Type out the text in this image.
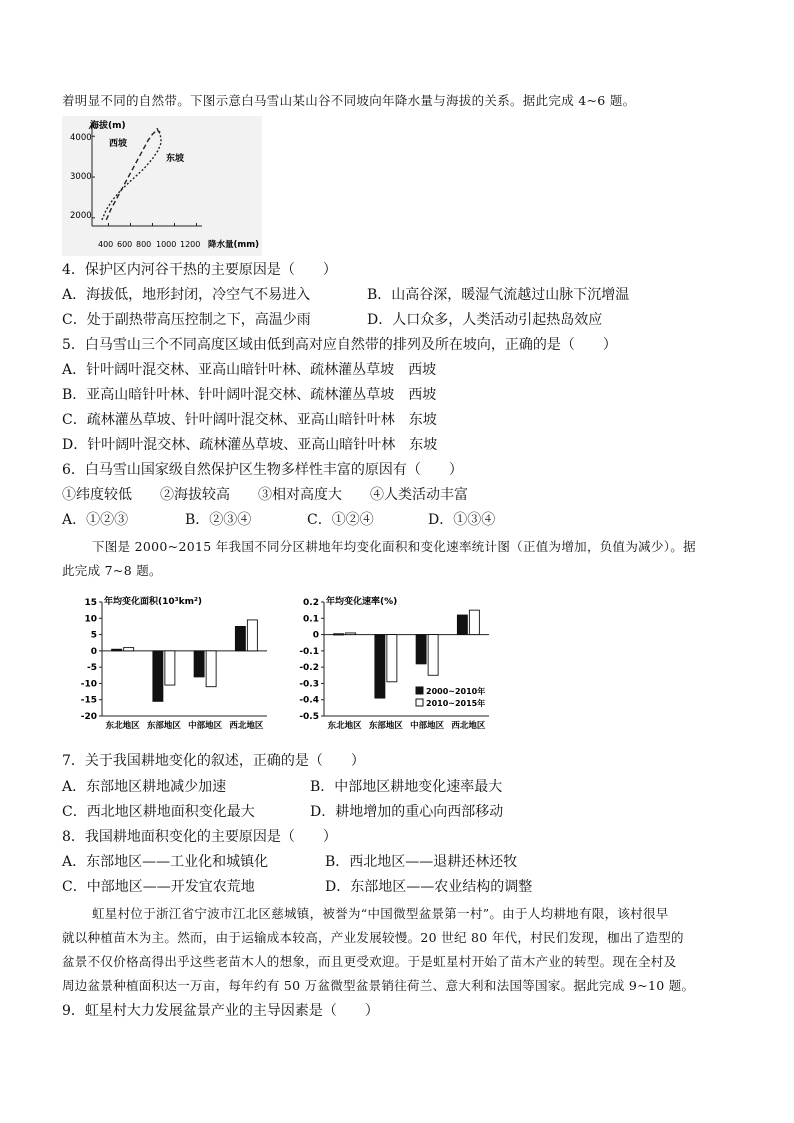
着明显不同的自然带。下图示意白马雪山某山谷不同坡向年降水量与海拔的关系。据此完成 4~6 题。
海拔(m)
降水量(mm)
4000
3000
2000
400 600 800 1000 1200
西坡
东坡
4．保护区内河谷干热的主要原因是（　　）
A．海拔低，地形封闭，冷空气不易进入	B．山高谷深，暖湿气流越过山脉下沉增温
C．处于副热带高压控制之下，高温少雨	D．人口众多，人类活动引起热岛效应
5．白马雪山三个不同高度区域由低到高对应自然带的排列及所在坡向，正确的是（　　）
A．针叶阔叶混交林、亚高山暗针叶林、疏林灌丛草坡　西坡
B．亚高山暗针叶林、针叶阔叶混交林、疏林灌丛草坡　西坡
C．疏林灌丛草坡、针叶阔叶混交林、亚高山暗针叶林　东坡
D．针叶阔叶混交林、疏林灌丛草坡、亚高山暗针叶林　东坡
6．白马雪山国家级自然保护区生物多样性丰富的原因有（　　）
①纬度较低　　②海拔较高　　③相对高度大　　④人类活动丰富
A．①②③	B．②③④	C．①②④	D．①③④
下图是 2000~2015 年我国不同分区耕地年均变化面积和变化速率统计图（正值为增加，负值为减少）。据
此完成 7~8 题。
年均变化面积(10³km²)
15
10
5
0
-5
-10
-15
-20
东北地区 东部地区 中部地区 西北地区
年均变化速率(%)
0.2
0.1
0
-0.1
-0.2
-0.3
-0.4
-0.5
东北地区 东部地区 中部地区 西北地区
2000~2010年
2010~2015年
7．关于我国耕地变化的叙述，正确的是（　　）
A．东部地区耕地减少加速	B．中部地区耕地变化速率最大
C．西北地区耕地面积变化最大	D．耕地增加的重心向西部移动
8．我国耕地面积变化的主要原因是（　　）
A．东部地区——工业化和城镇化	B．西北地区——退耕还林还牧
C．中部地区——开发宜农荒地	D．东部地区——农业结构的调整
虹星村位于浙江省宁波市江北区慈城镇，被誉为“中国微型盆景第一村”。由于人均耕地有限，该村很早
就以种植苗木为主。然而，由于运输成本较高，产业发展较慢。20 世纪 80 年代，村民们发现，枷出了造型的
盆景不仅价格高得出乎这些老苗木人的想象，而且更受欢迎。于是虹星村开始了苗木产业的转型。现在全村及
周边盆景种植面积达一万亩，每年约有 50 万盆微型盆景销往荷兰、意大利和法国等国家。据此完成 9~10 题。
9．虹星村大力发展盆景产业的主导因素是（　　）
